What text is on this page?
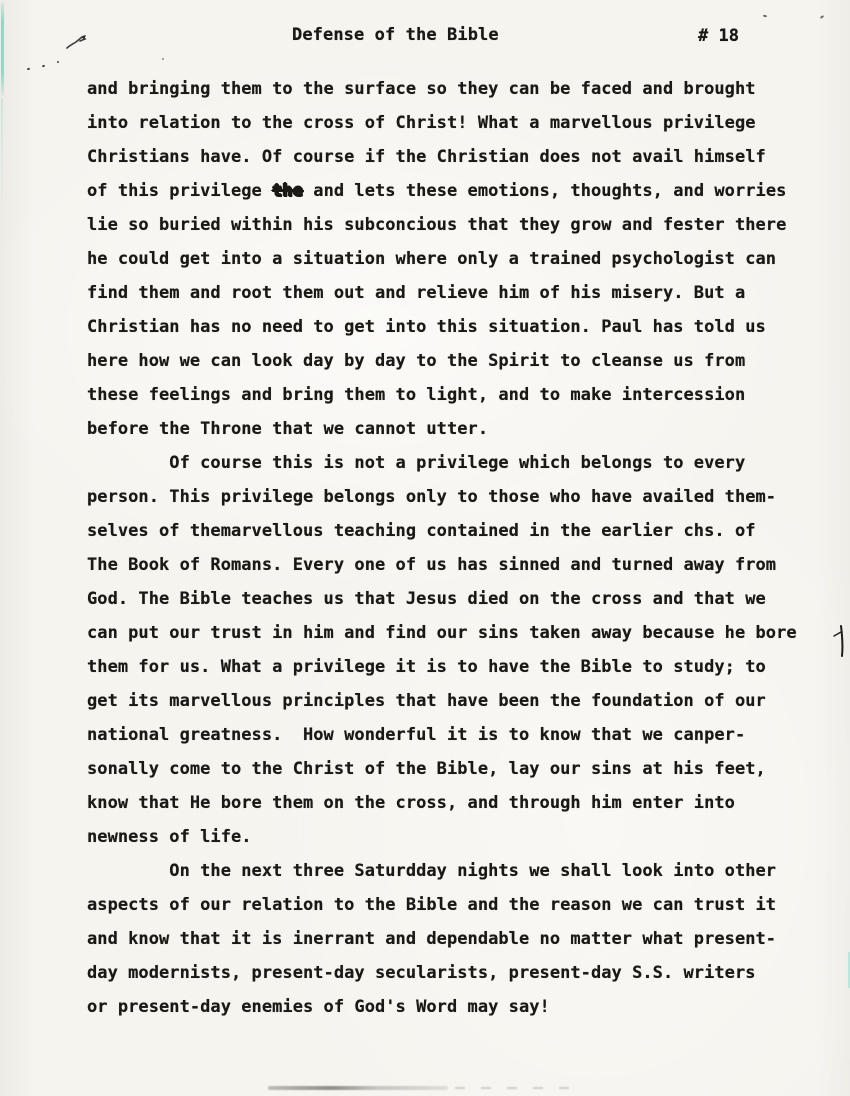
Defense of the Bible	# 18
and bringing them to the surface so they can be faced and brought
into relation to the cross of Christ! What a marvellous privilege
Christians have. Of course if the Christian does not avail himself
of this privilege the and lets these emotions, thoughts, and worries
lie so buried within his subconcious that they grow and fester there
he could get into a situation where only a trained psychologist can
find them and root them out and relieve him of his misery. But a
Christian has no need to get into this situation. Paul has told us
here how we can look day by day to the Spirit to cleanse us from
these feelings and bring them to light, and to make intercession
before the Throne that we cannot utter.
Of course this is not a privilege which belongs to every
person. This privilege belongs only to those who have availed them-
selves of themarvellous teaching contained in the earlier chs. of
The Book of Romans. Every one of us has sinned and turned away from
God. The Bible teaches us that Jesus died on the cross and that we
can put our trust in him and find our sins taken away because he bore
them for us. What a privilege it is to have the Bible to study; to
get its marvellous principles that have been the foundation of our
national greatness.  How wonderful it is to know that we canper-
sonally come to the Christ of the Bible, lay our sins at his feet,
know that He bore them on the cross, and through him enter into
newness of life.
On the next three Saturdday nights we shall look into other
aspects of our relation to the Bible and the reason we can trust it
and know that it is inerrant and dependable no matter what present-
day modernists, present-day secularists, present-day S.S. writers
or present-day enemies of God's Word may say!
